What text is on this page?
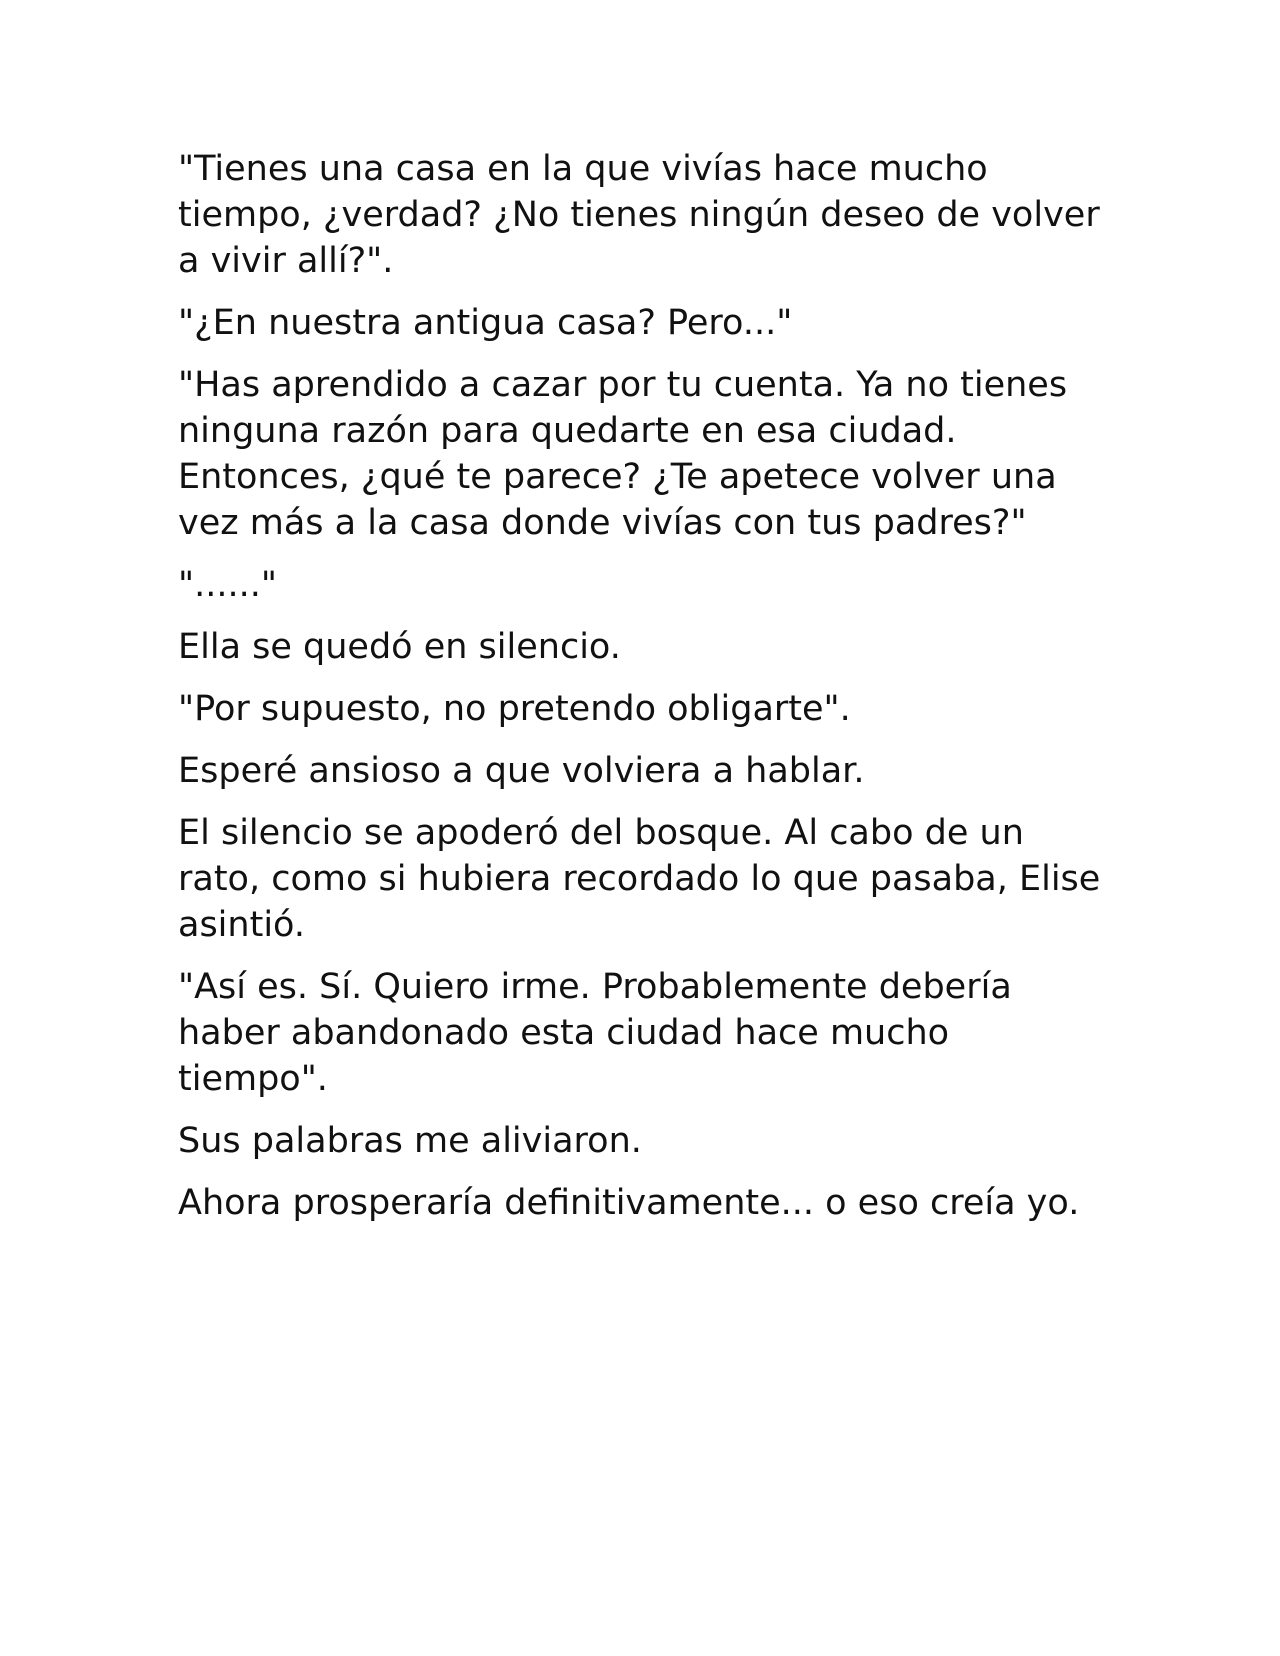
"Tienes una casa en la que vivías hace mucho tiempo, ¿verdad? ¿No tienes ningún deseo de volver a vivir allí?".

"¿En nuestra antigua casa? Pero..."

"Has aprendido a cazar por tu cuenta. Ya no tienes ninguna razón para quedarte en esa ciudad. Entonces, ¿qué te parece? ¿Te apetece volver una vez más a la casa donde vivías con tus padres?"

"......"

Ella se quedó en silencio.

"Por supuesto, no pretendo obligarte".

Esperé ansioso a que volviera a hablar.

El silencio se apoderó del bosque. Al cabo de un rato, como si hubiera recordado lo que pasaba, Elise asintió.

"Así es. Sí. Quiero irme. Probablemente debería haber abandonado esta ciudad hace mucho tiempo".

Sus palabras me aliviaron.

Ahora prosperaría definitivamente... o eso creía yo.
